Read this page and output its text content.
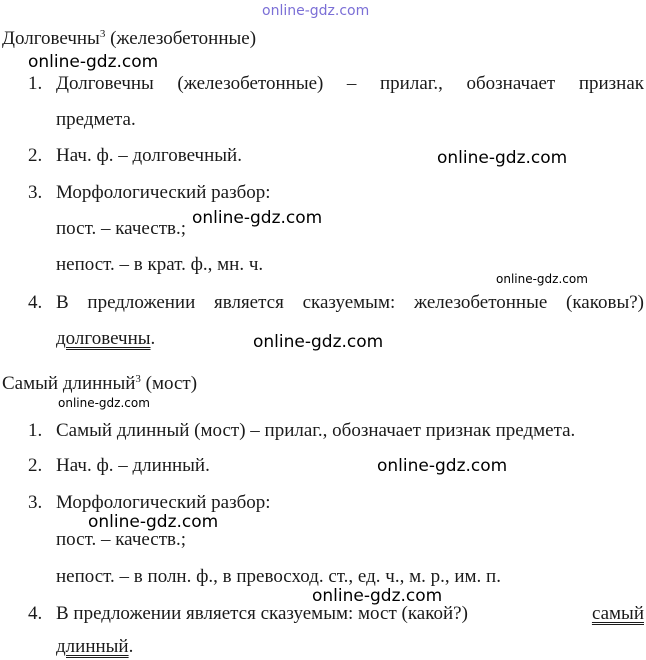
online-gdz.com
online-gdz.com
online-gdz.com
online-gdz.com
online-gdz.com
online-gdz.com
online-gdz.com
online-gdz.com
online-gdz.com
online-gdz.com
Долговечны$^3$ (железобетонные)
1. Долговечны (железобетонные) – прилаг., обозначает признак
предмета.
2. Нач. ф. – долговечный.
3. Морфологический разбор:
пост. – качеств.;
непост. – в крат. ф., мн. ч.
4. В предложении является сказуемым: железобетонные (каковы?)
долговечны.
Самый длинный$^3$ (мост)
1. Самый длинный (мост) – прилаг., обозначает признак предмета.
2. Нач. ф. – длинный.
3. Морфологический разбор:
пост. – качеств.;
непост. – в полн. ф., в превосход. ст., ед. ч., м. р., им. п.
4. В предложении является сказуемым: мост (какой?)	самый
длинный.
